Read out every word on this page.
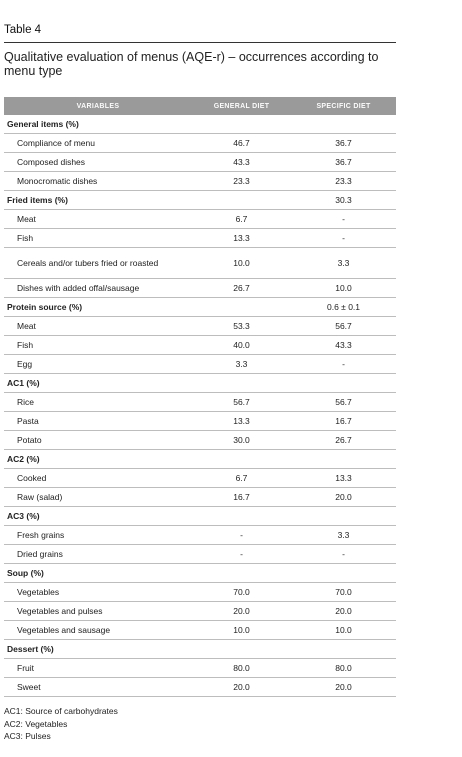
Table 4
Qualitative evaluation of menus (AQE-r) – occurrences according to menu type
VARIABLES	GENERAL DIET	SPECIFIC DIET
General items (%)		
Compliance of menu	46.7	36.7
Composed dishes	43.3	36.7
Monocromatic dishes	23.3	23.3
Fried items (%)		30.3
Meat	6.7	-
Fish	13.3	-
Cereals and/or tubers fried or roasted	10.0	3.3
Dishes with added offal/sausage	26.7	10.0
Protein source (%)		0.6 ± 0.1
Meat	53.3	56.7
Fish	40.0	43.3
Egg	3.3	-
AC1 (%)		
Rice	56.7	56.7
Pasta	13.3	16.7
Potato	30.0	26.7
AC2 (%)		
Cooked	6.7	13.3
Raw (salad)	16.7	20.0
AC3 (%)		
Fresh grains	-	3.3
Dried grains	-	-
Soup (%)		
Vegetables	70.0	70.0
Vegetables and pulses	20.0	20.0
Vegetables and sausage	10.0	10.0
Dessert (%)		
Fruit	80.0	80.0
Sweet	20.0	20.0
AC1: Source of carbohydrates
AC2: Vegetables
AC3: Pulses
